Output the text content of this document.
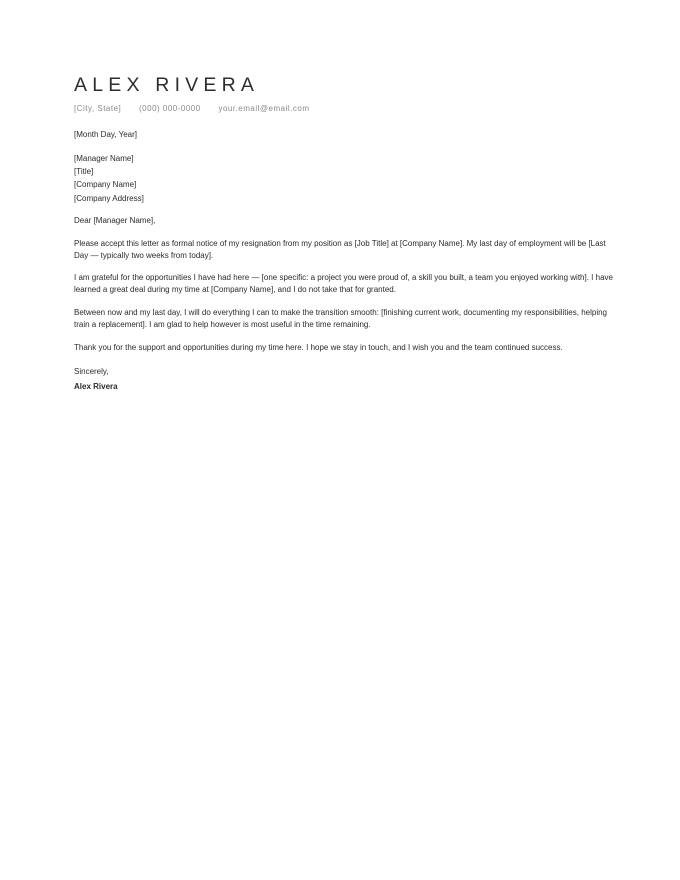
ALEX RIVERA
[City, State] (000) 000-0000 your.email@email.com

[Month Day, Year]

[Manager Name]
[Title]
[Company Name]
[Company Address]

Dear [Manager Name],

Please accept this letter as formal notice of my resignation from my position as [Job Title] at [Company Name]. My last day of employment will be [Last Day — typically two weeks from today].

I am grateful for the opportunities I have had here — [one specific: a project you were proud of, a skill you built, a team you enjoyed working with]. I have learned a great deal during my time at [Company Name], and I do not take that for granted.

Between now and my last day, I will do everything I can to make the transition smooth: [finishing current work, documenting my responsibilities, helping train a replacement]. I am glad to help however is most useful in the time remaining.

Thank you for the support and opportunities during my time here. I hope we stay in touch, and I wish you and the team continued success.

Sincerely,

Alex Rivera
